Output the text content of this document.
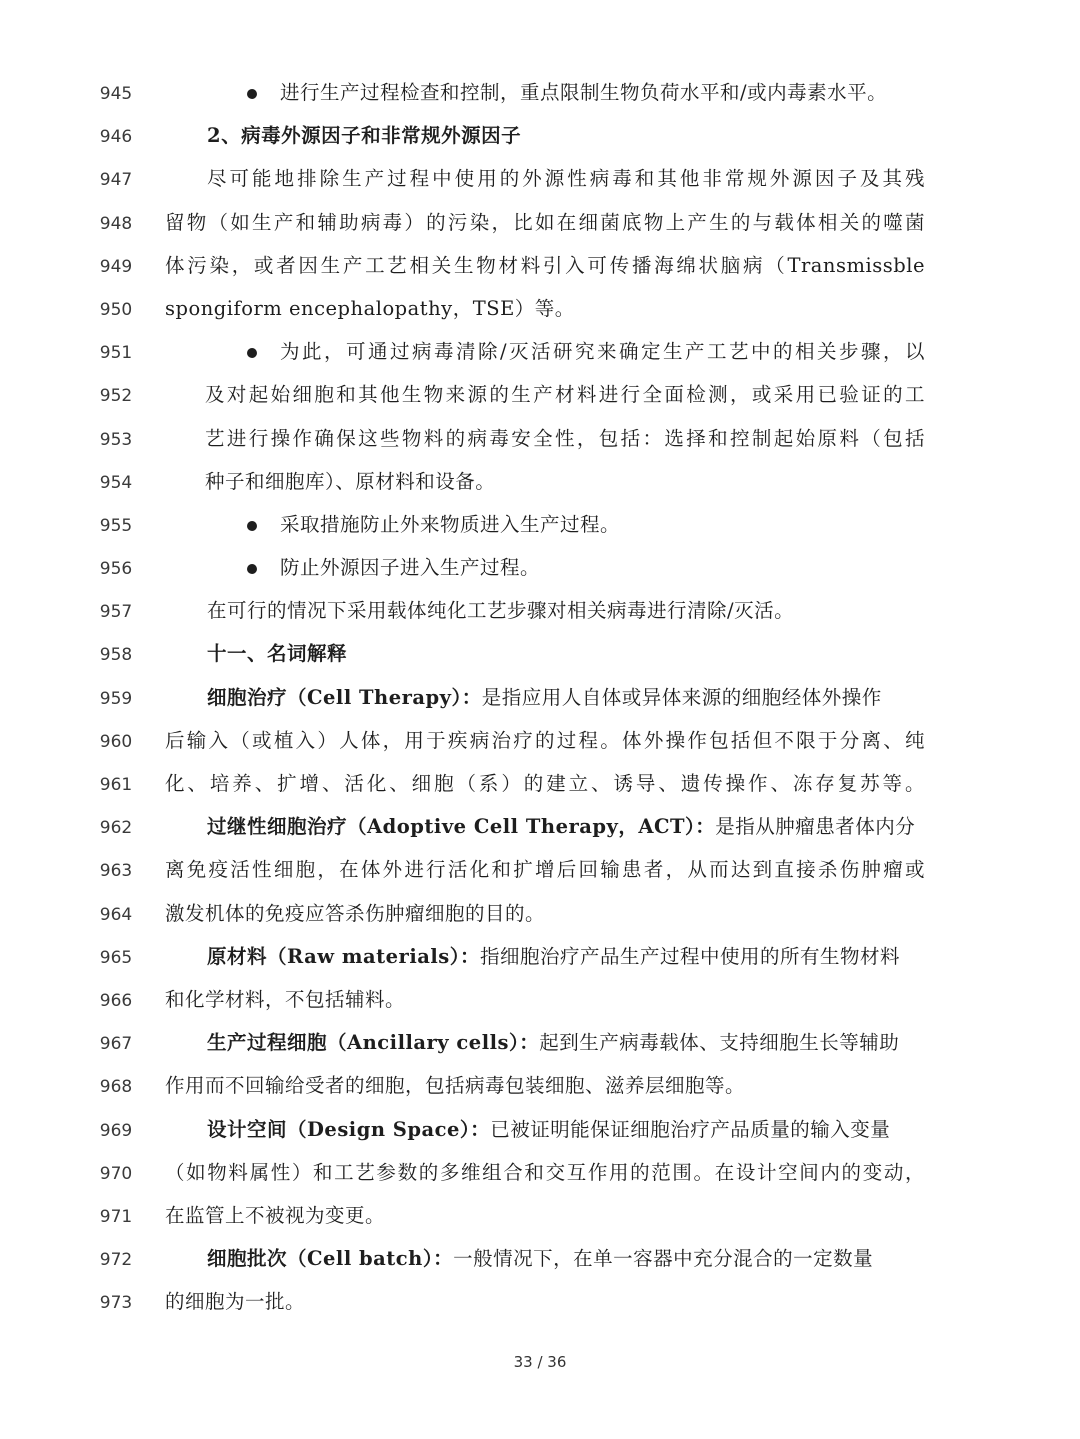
945	进行生产过程检查和控制，重点限制生物负荷水平和/或内毒素水平。
946	2、病毒外源因子和非常规外源因子
947	尽可能地排除生产过程中使用的外源性病毒和其他非常规外源因子及其残
948 留物（如生产和辅助病毒）的污染，比如在细菌底物上产生的与载体相关的噬菌
949 体污染，或者因生产工艺相关生物材料引入可传播海绵状脑病（Transmissble
950 spongiform encephalopathy，TSE）等。
951	为此，可通过病毒清除/灭活研究来确定生产工艺中的相关步骤，以
952	及对起始细胞和其他生物来源的生产材料进行全面检测，或采用已验证的工
953	艺进行操作确保这些物料的病毒安全性，包括：选择和控制起始原料（包括
954	种子和细胞库）、原材料和设备。
955	采取措施防止外来物质进入生产过程。
956	防止外源因子进入生产过程。
957	在可行的情况下采用载体纯化工艺步骤对相关病毒进行清除/灭活。
958	十一、名词解释
959	细胞治疗（Cell Therapy）：是指应用人自体或异体来源的细胞经体外操作
960 后输入（或植入）人体，用于疾病治疗的过程。体外操作包括但不限于分离、纯
961 化、培养、扩增、活化、细胞（系）的建立、诱导、遗传操作、冻存复苏等。
962	过继性细胞治疗（Adoptive Cell Therapy，ACT）：是指从肿瘤患者体内分
963 离免疫活性细胞，在体外进行活化和扩增后回输患者，从而达到直接杀伤肿瘤或
964 激发机体的免疫应答杀伤肿瘤细胞的目的。
965	原材料（Raw materials）：指细胞治疗产品生产过程中使用的所有生物材料
966 和化学材料，不包括辅料。
967	生产过程细胞（Ancillary cells）：起到生产病毒载体、支持细胞生长等辅助
968 作用而不回输给受者的细胞，包括病毒包装细胞、滋养层细胞等。
969	设计空间（Design Space）：已被证明能保证细胞治疗产品质量的输入变量
970 （如物料属性）和工艺参数的多维组合和交互作用的范围。在设计空间内的变动，
971 在监管上不被视为变更。
972	细胞批次（Cell batch）：一般情况下，在单一容器中充分混合的一定数量
973 的细胞为一批。
33 / 36
